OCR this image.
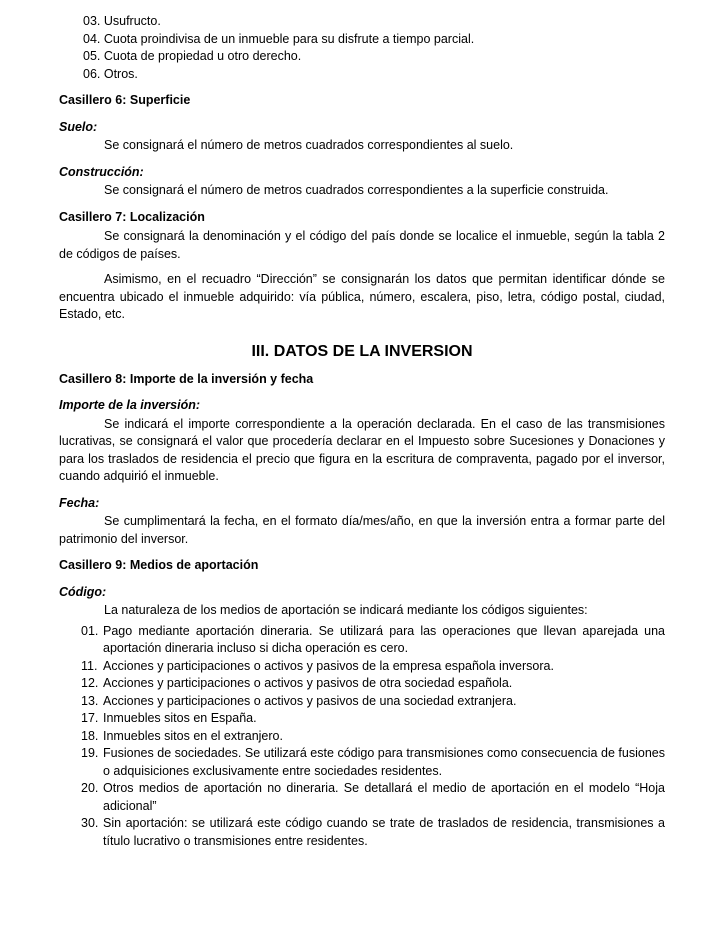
03. Usufructo.
04. Cuota proindivisa de un inmueble para su disfrute a tiempo parcial.
05. Cuota de propiedad u otro derecho.
06. Otros.
Casillero 6: Superficie
Suelo:

Se consignará el número de metros cuadrados correspondientes al suelo.

Construcción:

Se consignará el número de metros cuadrados correspondientes a la superficie construida.

Casillero 7: Localización

Se consignará la denominación y el código del país donde se localice el inmueble, según la tabla 2 de códigos de países.

Asimismo, en el recuadro “Dirección” se consignarán los datos que permitan identificar dónde se encuentra ubicado el inmueble adquirido: vía pública, número, escalera, piso, letra, código postal, ciudad, Estado, etc.

III. DATOS DE LA INVERSION
Casillero 8: Importe de la inversión y fecha
Importe de la inversión:

Se indicará el importe correspondiente a la operación declarada. En el caso de las transmisiones lucrativas, se consignará el valor que procedería declarar en el Impuesto sobre Sucesiones y Donaciones y para los traslados de residencia el precio que figura en la escritura de compraventa, pagado por el inversor, cuando adquirió el inmueble.

Fecha:

Se cumplimentará la fecha, en el formato día/mes/año, en que la inversión entra a formar parte del patrimonio del inversor.

Casillero 9: Medios de aportación
Código:

La naturaleza de los medios de aportación se indicará mediante los códigos siguientes:

01. Pago mediante aportación dineraria. Se utilizará para las operaciones que llevan aparejada una aportación dineraria incluso si dicha operación es cero.
11. Acciones y participaciones o activos y pasivos de la empresa española inversora.
12. Acciones y participaciones o activos y pasivos de otra sociedad española.
13. Acciones y participaciones o activos y pasivos de una sociedad extranjera.
17. Inmuebles sitos en España.
18. Inmuebles sitos en el extranjero.
19. Fusiones de sociedades. Se utilizará este código para transmisiones como consecuencia de fusiones o adquisiciones exclusivamente entre sociedades residentes.
20. Otros medios de aportación no dineraria. Se detallará el medio de aportación en el modelo “Hoja adicional”
30. Sin aportación: se utilizará este código cuando se trate de traslados de residencia, transmisiones a título lucrativo o transmisiones entre residentes.
